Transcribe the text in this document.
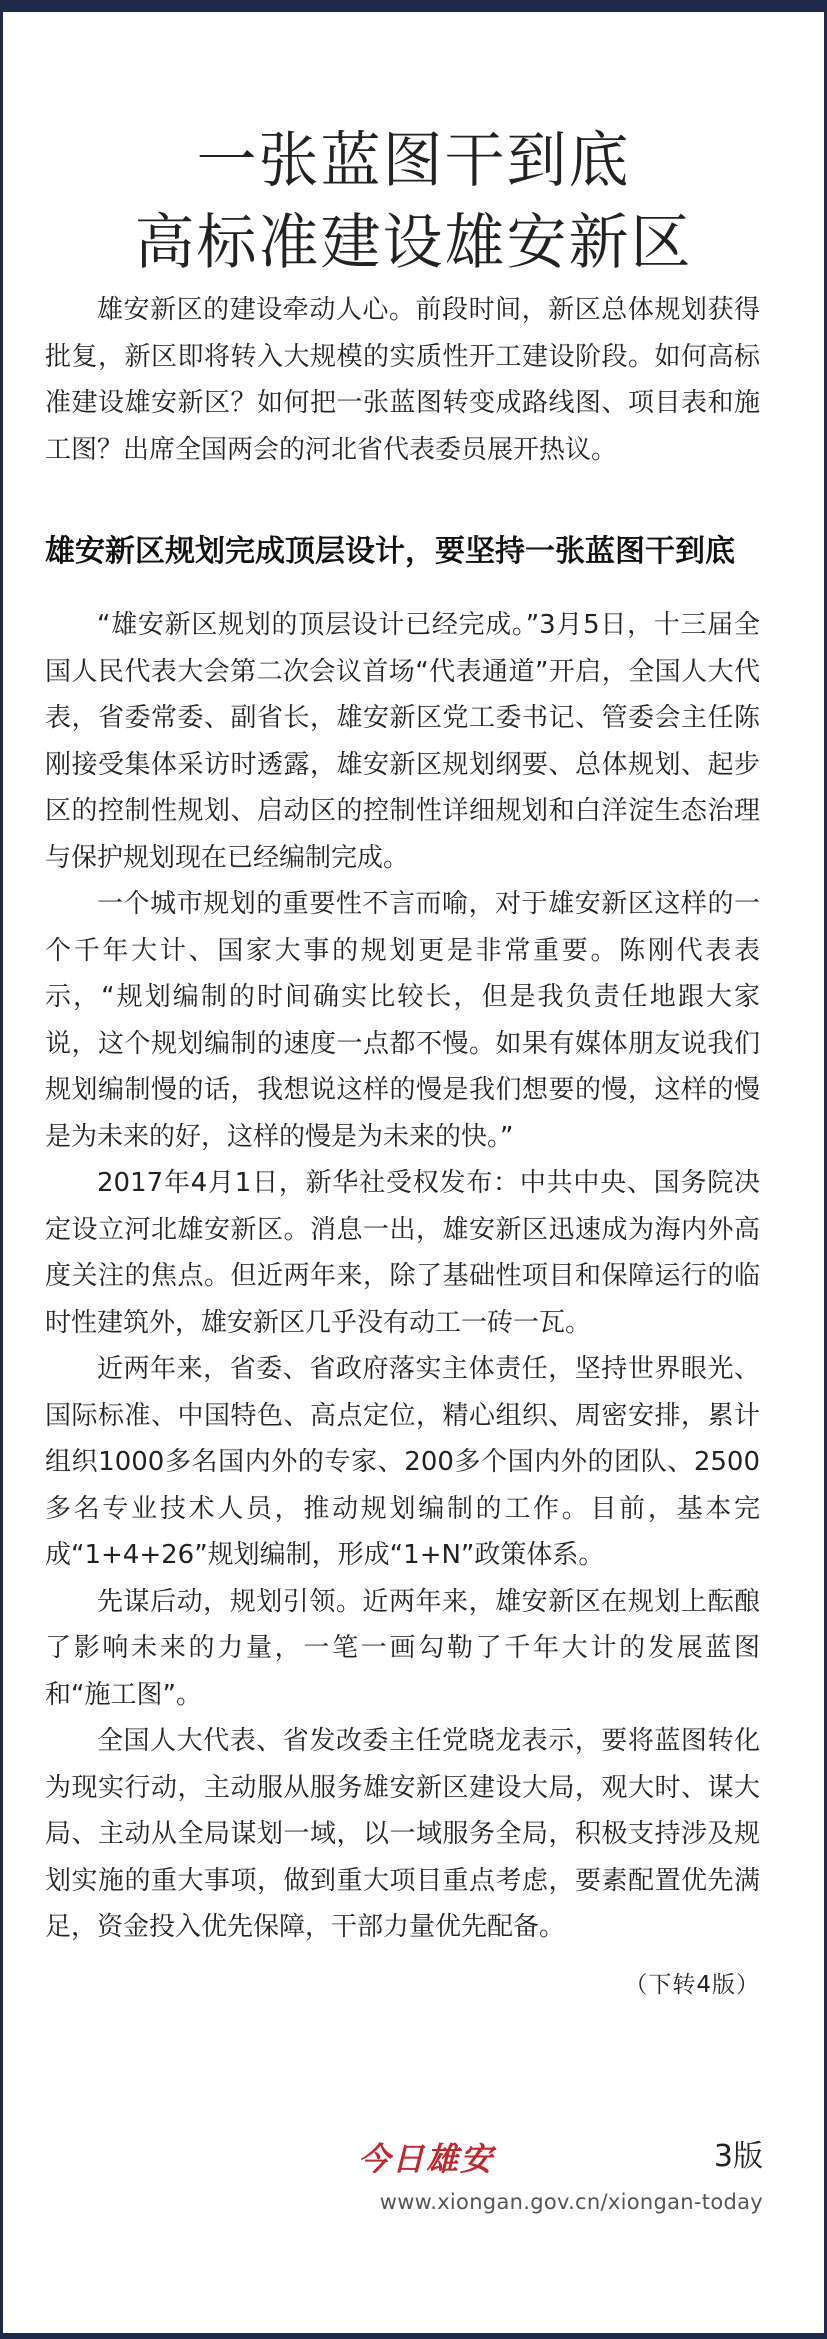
一张蓝图干到底
高标准建设雄安新区

雄安新区的建设牵动人心。前段时间，新区总体规划获得批复，新区即将转入大规模的实质性开工建设阶段。如何高标准建设雄安新区？如何把一张蓝图转变成路线图、项目表和施工图？出席全国两会的河北省代表委员展开热议。

雄安新区规划完成顶层设计，要坚持一张蓝图干到底

“雄安新区规划的顶层设计已经完成。”3月5日，十三届全国人民代表大会第二次会议首场“代表通道”开启，全国人大代表，省委常委、副省长，雄安新区党工委书记、管委会主任陈刚接受集体采访时透露，雄安新区规划纲要、总体规划、起步区的控制性规划、启动区的控制性详细规划和白洋淀生态治理与保护规划现在已经编制完成。

一个城市规划的重要性不言而喻，对于雄安新区这样的一个千年大计、国家大事的规划更是非常重要。陈刚代表表示，“规划编制的时间确实比较长，但是我负责任地跟大家说，这个规划编制的速度一点都不慢。如果有媒体朋友说我们规划编制慢的话，我想说这样的慢是我们想要的慢，这样的慢是为未来的好，这样的慢是为未来的快。”

2017年4月1日，新华社受权发布：中共中央、国务院决定设立河北雄安新区。消息一出，雄安新区迅速成为海内外高度关注的焦点。但近两年来，除了基础性项目和保障运行的临时性建筑外，雄安新区几乎没有动工一砖一瓦。

近两年来，省委、省政府落实主体责任，坚持世界眼光、国际标准、中国特色、高点定位，精心组织、周密安排，累计组织1000多名国内外的专家、200多个国内外的团队、2500多名专业技术人员，推动规划编制的工作。目前，基本完成“1+4+26”规划编制，形成“1+N”政策体系。

先谋后动，规划引领。近两年来，雄安新区在规划上酝酿了影响未来的力量，一笔一画勾勒了千年大计的发展蓝图和“施工图”。

全国人大代表、省发改委主任党晓龙表示，要将蓝图转化为现实行动，主动服从服务雄安新区建设大局，观大时、谋大局、主动从全局谋划一域，以一域服务全局，积极支持涉及规划实施的重大事项，做到重大项目重点考虑，要素配置优先满足，资金投入优先保障，干部力量优先配备。

（下转4版）
今日雄安	3版
www.xiongan.gov.cn/xiongan-today
